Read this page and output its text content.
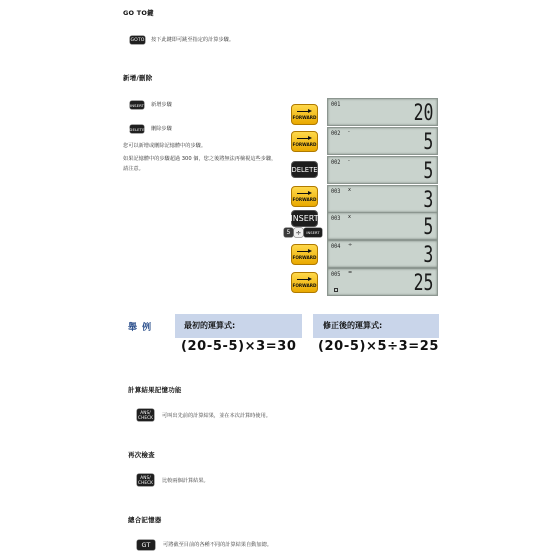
GO TO鍵
GOTO 按下此鍵即可跳至指定的計算步驟。
新增/刪除
INSERT 新增步驟
DELETE 刪除步驟
您可以新增或刪除記憶體中的步驟。
如果記憶體中的步驟超過 300 個，您之後將無法再檢視這些步驟，
請注意。
FORWARD
FORWARD
DELETE
FORWARD
INSERT
5 ÷	INSERT
FORWARD
FORWARD
001	20
002 -	5
002 -	5
003 x	3
003 x	5
004 ÷	3
005 =	25
舉 例	最初的運算式:	修正後的運算式:
(20-5-5)×3=30 (20-5)×5÷3=25
計算結果記憶功能
ANS/
CHECK 可叫出先前的計算結果，並在本次計算時使用。
再次檢查
ANS/
CHECK 比較兩個計算結果。
總合記憶器
GT	可將截至目前的各種不同的計算結果自動加總。
